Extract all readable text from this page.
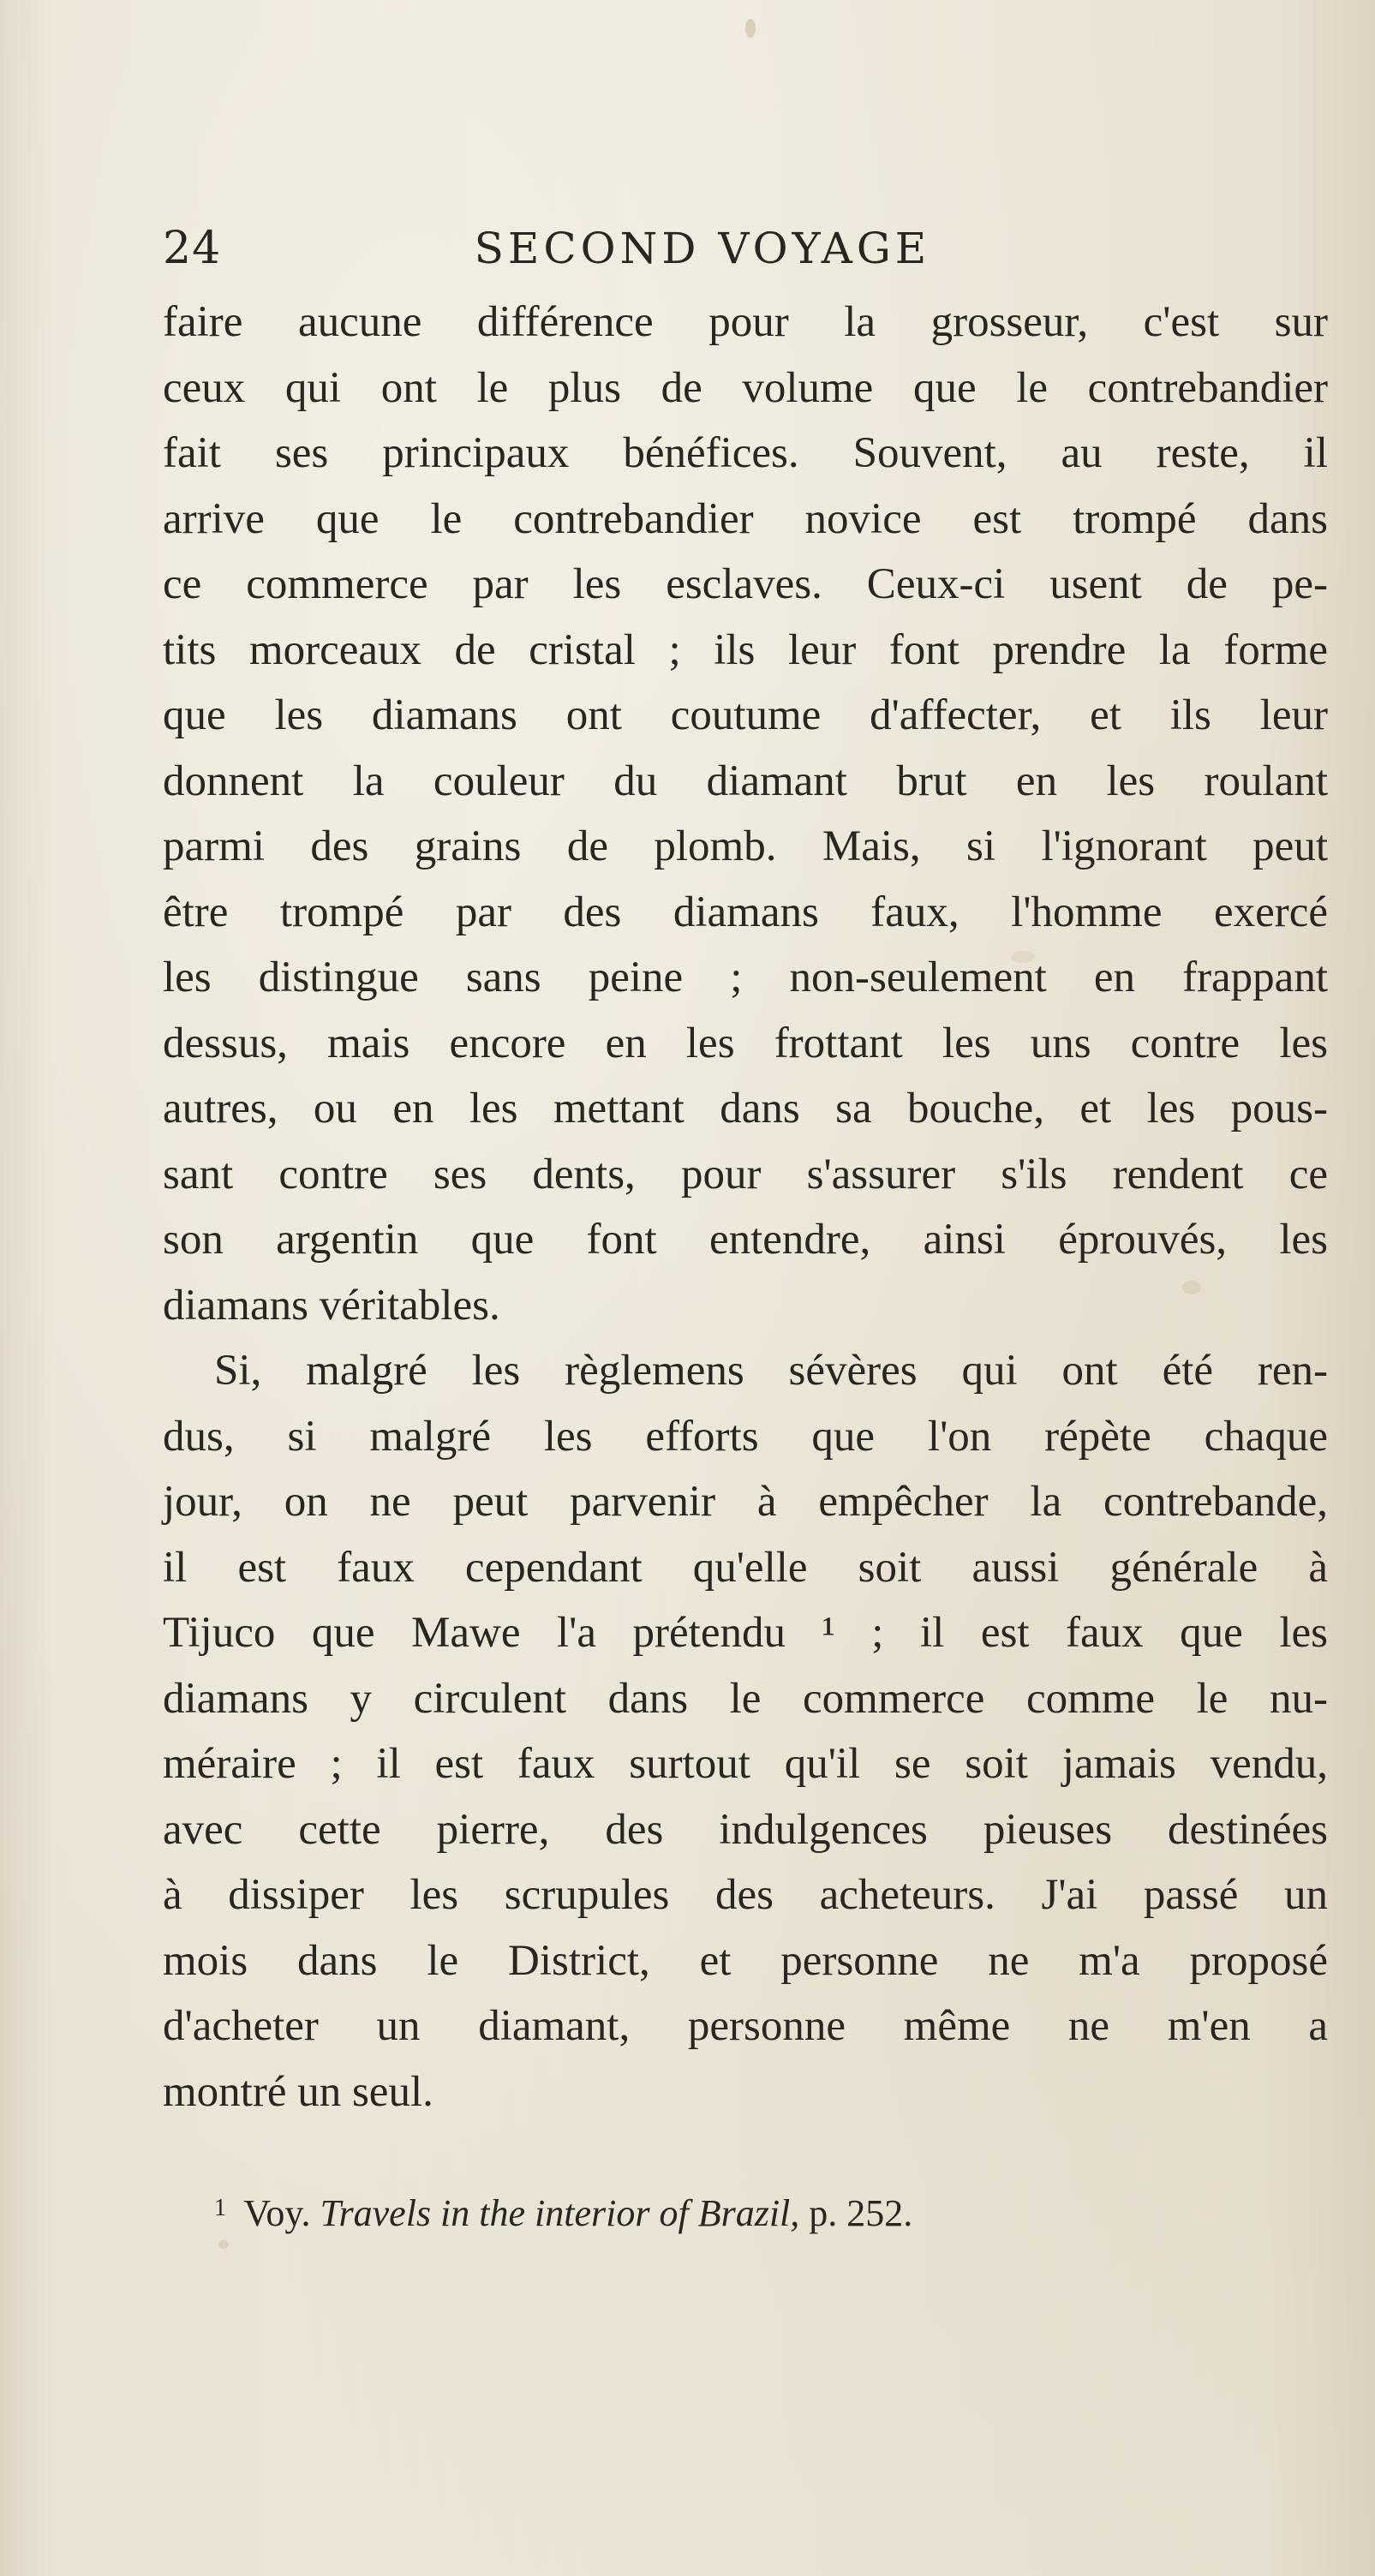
24	SECOND VOYAGE
faire aucune différence pour la grosseur, c'est sur
ceux qui ont le plus de volume que le contrebandier
fait ses principaux bénéfices. Souvent, au reste, il
arrive que le contrebandier novice est trompé dans
ce commerce par les esclaves. Ceux-ci usent de pe-
tits morceaux de cristal ; ils leur font prendre la forme
que les diamans ont coutume d'affecter, et ils leur
donnent la couleur du diamant brut en les roulant
parmi des grains de plomb. Mais, si l'ignorant peut
être trompé par des diamans faux, l'homme exercé
les distingue sans peine ; non-seulement en frappant
dessus, mais encore en les frottant les uns contre les
autres, ou en les mettant dans sa bouche, et les pous-
sant contre ses dents, pour s'assurer s'ils rendent ce
son argentin que font entendre, ainsi éprouvés, les
diamans véritables.
Si, malgré les règlemens sévères qui ont été ren-
dus, si malgré les efforts que l'on répète chaque
jour, on ne peut parvenir à empêcher la contrebande,
il est faux cependant qu'elle soit aussi générale à
Tijuco que Mawe l'a prétendu ¹ ; il est faux que les
diamans y circulent dans le commerce comme le nu-
méraire ; il est faux surtout qu'il se soit jamais vendu,
avec cette pierre, des indulgences pieuses destinées
à dissiper les scrupules des acheteurs. J'ai passé un
mois dans le District, et personne ne m'a proposé
d'acheter un diamant, personne même ne m'en a
montré un seul.
$^1$ Voy. Travels in the interior of Brazil, p. 252.
